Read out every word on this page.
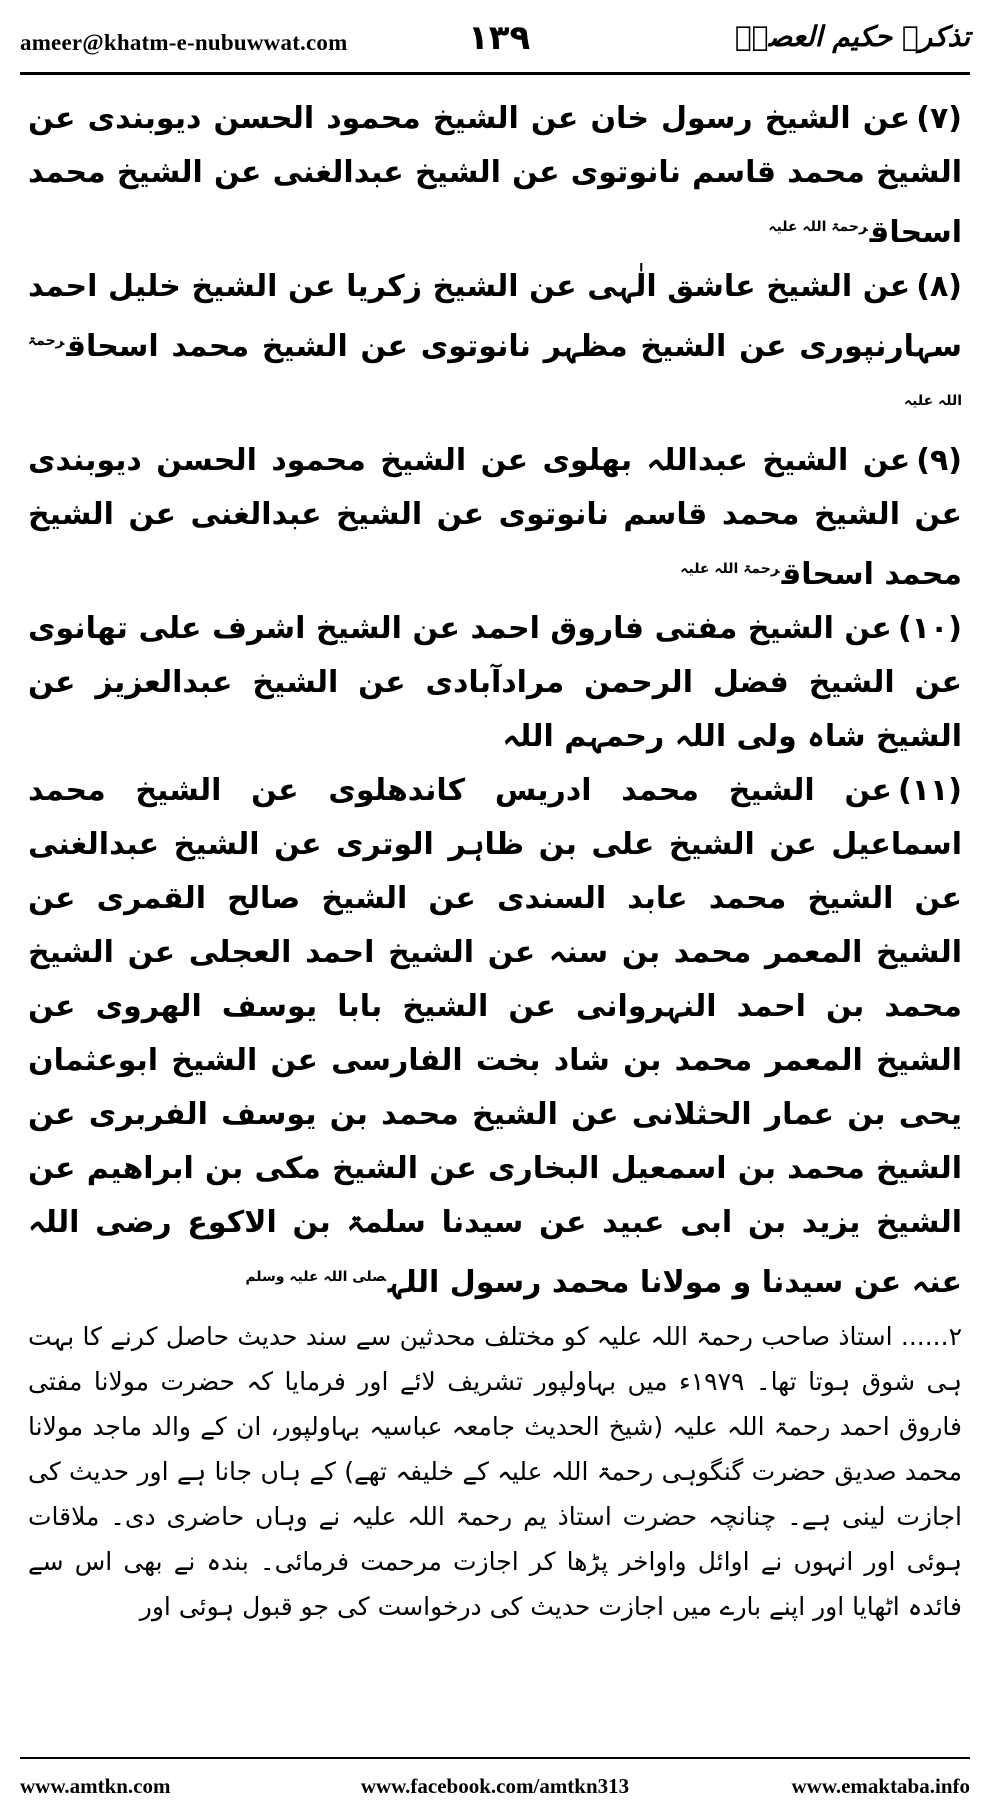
ameer@khatm-e-nubuwwat.com	۱۳۹	تذکرہ حکیم العصرؒ

(۷)عن الشیخ رسول خان عن الشیخ محمود الحسن دیوبندی عن الشیخ محمد قاسم نانوتوی عن الشیخ عبدالغنی عن الشیخ محمد اسحاق$^{رحمۃ اللہ علیہ}$

(۸)عن الشیخ عاشق الٰہی عن الشیخ زکریا عن الشیخ خلیل احمد سہارنپوری عن الشیخ مظہر نانوتوی عن الشیخ محمد اسحاق$^{رحمۃ اللہ علیہ}$

(۹)عن الشیخ عبداللہ بھلوی عن الشیخ محمود الحسن دیوبندی عن الشیخ محمد قاسم نانوتوی عن الشیخ عبدالغنی عن الشیخ محمد اسحاق$^{رحمۃ اللہ علیہ}$

(۱۰)عن الشیخ مفتی فاروق احمد عن الشیخ اشرف علی تھانوی عن الشیخ فضل الرحمن مرادآبادی عن الشیخ عبدالعزیز عن الشیخ شاہ ولی اللہ رحمہم اللہ

(۱۱)عن الشیخ محمد ادریس کاندھلوی عن الشیخ محمد اسماعیل عن الشیخ علی بن ظاہر الوتری عن الشیخ عبدالغنی عن الشیخ محمد عابد السندی عن الشیخ صالح القمری عن الشیخ المعمر محمد بن سنہ عن الشیخ احمد العجلی عن الشیخ محمد بن احمد النہروانی عن الشیخ بابا یوسف الھروی عن الشیخ المعمر محمد بن شاد بخت الفارسی عن الشیخ ابوعثمان یحی بن عمار الحثلانی عن الشیخ محمد بن یوسف الفربری عن الشیخ محمد بن اسمعیل البخاری عن الشیخ مکی بن ابراھیم عن الشیخ یزید بن ابی عبید عن سیدنا سلمۃ بن الاکوع رضی اللہ عنہ عن سیدنا و مولانا محمد رسول اللہ$^{صلی اللہ علیہ وسلم}$

۲...... استاذ صاحب رحمۃ اللہ علیہ کو مختلف محدثین سے سند حدیث حاصل کرنے کا بہت ہی شوق ہوتا تھا۔ ۱۹۷۹ء میں بہاولپور تشریف لائے اور فرمایا کہ حضرت مولانا مفتی فاروق احمد رحمۃ اللہ علیہ (شیخ الحدیث جامعہ عباسیہ بہاولپور، ان کے والد ماجد مولانا محمد صدیق حضرت گنگوہی رحمۃ اللہ علیہ کے خلیفہ تھے) کے ہاں جانا ہے اور حدیث کی اجازت لینی ہے۔ چنانچہ حضرت استاذ یم رحمۃ اللہ علیہ نے وہاں حاضری دی۔ ملاقات ہوئی اور انہوں نے اوائل واواخر پڑھا کر اجازت مرحمت فرمائی۔ بندہ نے بھی اس سے فائدہ اٹھایا اور اپنے بارے میں اجازت حدیث کی درخواست کی جو قبول ہوئی اور

www.amtkn.com	www.facebook.com/amtkn313	www.emaktaba.info
